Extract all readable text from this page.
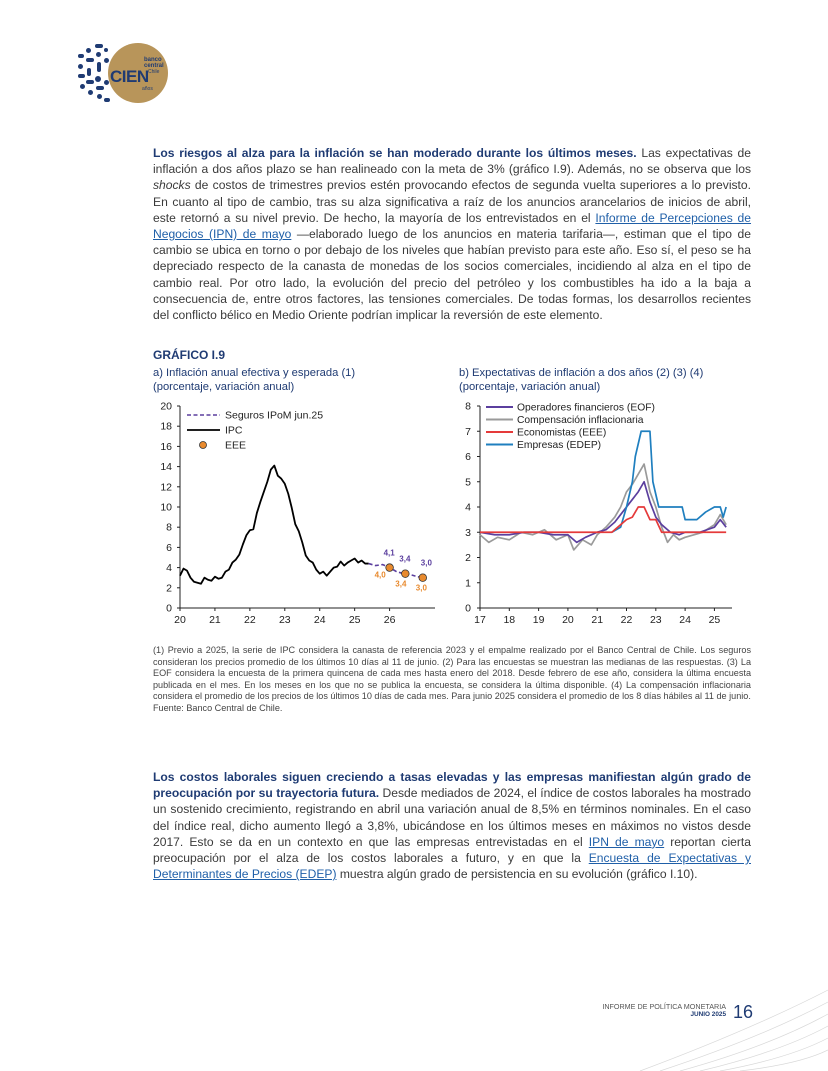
banco
central
Chile
CIEN
años
Los riesgos al alza para la inflación se han moderado durante los últimos meses. Las expectativas de inflación a dos años plazo se han realineado con la meta de 3% (gráfico I.9). Además, no se observa que los shocks de costos de trimestres previos estén provocando efectos de segunda vuelta superiores a lo previsto. En cuanto al tipo de cambio, tras su alza significativa a raíz de los anuncios arancelarios de inicios de abril, este retornó a su nivel previo. De hecho, la mayoría de los entrevistados en el Informe de Percepciones de Negocios (IPN) de mayo —elaborado luego de los anuncios en materia tarifaria—, estiman que el tipo de cambio se ubica en torno o por debajo de los niveles que habían previsto para este año. Eso sí, el peso se ha depreciado respecto de la canasta de monedas de los socios comerciales, incidiendo al alza en el tipo de cambio real. Por otro lado, la evolución del precio del petróleo y los combustibles ha ido a la baja a consecuencia de, entre otros factores, las tensiones comerciales. De todas formas, los desarrollos recientes del conflicto bélico en Medio Oriente podrían implicar la reversión de este elemento.
GRÁFICO I.9
a) Inflación anual efectiva y esperada (1)
(porcentaje, variación anual)
b) Expectativas de inflación a dos años (2) (3) (4)
(porcentaje, variación anual)
0
2
4
6
8
10
12
14
16
18
20
20 21 22 23 24 25 26
4,1
3,4 3,0
4,0
3,4 3,0
Seguros IPoM jun.25
IPC
EEE
0
1
2
3
4
5
6
7
8
17 18 19 20 21 22 23 24 25
Operadores financieros (EOF)
Compensación inflacionaria
Economistas (EEE)
Empresas (EDEP)
(1) Previo a 2025, la serie de IPC considera la canasta de referencia 2023 y el empalme realizado por el Banco Central de Chile. Los seguros consideran los precios promedio de los últimos 10 días al 11 de junio. (2) Para las encuestas se muestran las medianas de las respuestas. (3) La EOF considera la encuesta de la primera quincena de cada mes hasta enero del 2018. Desde febrero de ese año, considera la última encuesta publicada en el mes. En los meses en los que no se publica la encuesta, se considera la última disponible. (4) La compensación inflacionaria considera el promedio de los precios de los últimos 10 días de cada mes. Para junio 2025 considera el promedio de los 8 días hábiles al 11 de junio.
Fuente: Banco Central de Chile.
Los costos laborales siguen creciendo a tasas elevadas y las empresas manifiestan algún grado de preocupación por su trayectoria futura. Desde mediados de 2024, el índice de costos laborales ha mostrado un sostenido crecimiento, registrando en abril una variación anual de 8,5% en términos nominales. En el caso del índice real, dicho aumento llegó a 3,8%, ubicándose en los últimos meses en máximos no vistos desde 2017. Esto se da en un contexto en que las empresas entrevistadas en el IPN de mayo reportan cierta preocupación por el alza de los costos laborales a futuro, y en que la Encuesta de Expectativas y Determinantes de Precios (EDEP) muestra algún grado de persistencia en su evolución (gráfico I.10).
INFORME DE POLÍTICA MONETARIA
JUNIO 2025 16
